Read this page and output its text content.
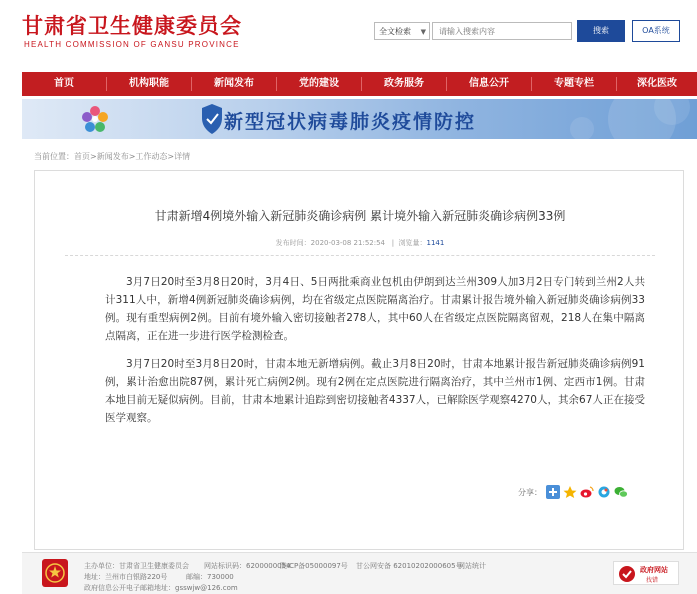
甘肃省卫生健康委员会
HEALTH COMMISSION OF GANSU PROVINCE
全文检索 ▼
请输入搜索内容	搜索	OA系统
首页	机构职能	新闻发布	党的建设	政务服务	信息公开	专题专栏	深化医改
新型冠状病毒肺炎疫情防控
当前位置：首页>新闻发布>工作动态>详情
甘肃新增4例境外输入新冠肺炎确诊病例 累计境外输入新冠肺炎确诊病例33例
发布时间：2020-03-08 21:52:54   |  浏览量：1141

3月7日20时至3月8日20时，3月4日、5日两批乘商业包机由伊朗到达兰州309人加3月2日专门转到兰州2人共计311人中，新增4例新冠肺炎确诊病例，均在省级定点医院隔离治疗。甘肃累计报告境外输入新冠肺炎确诊病例33例。现有重型病例2例。目前有境外输入密切接触者278人，其中60人在省级定点医院隔离留观，218人在集中隔离点隔离，正在进一步进行医学检测检查。

3月7日20时至3月8日20时，甘肃本地无新增病例。截止3月8日20时，甘肃本地累计报告新冠肺炎确诊病例91例，累计治愈出院87例，累计死亡病例2例。现有2例在定点医院进行隔离治疗，其中兰州市1例、定西市1例。甘肃本地目前无疑似病例。目前，甘肃本地累计追踪到密切接触者4337人，已解除医学观察4270人，其余67人正在接受医学观察。

分享：
主办单位：甘肃省卫生健康委员会 网站标识码：6200000054
陇ICP备05000097号 甘公网安备 62010202000605号
网站统计
地址：兰州市白银路220号	邮编：730000
政府信息公开电子邮箱地址：gsswjw@126.com
政府网站
找错
